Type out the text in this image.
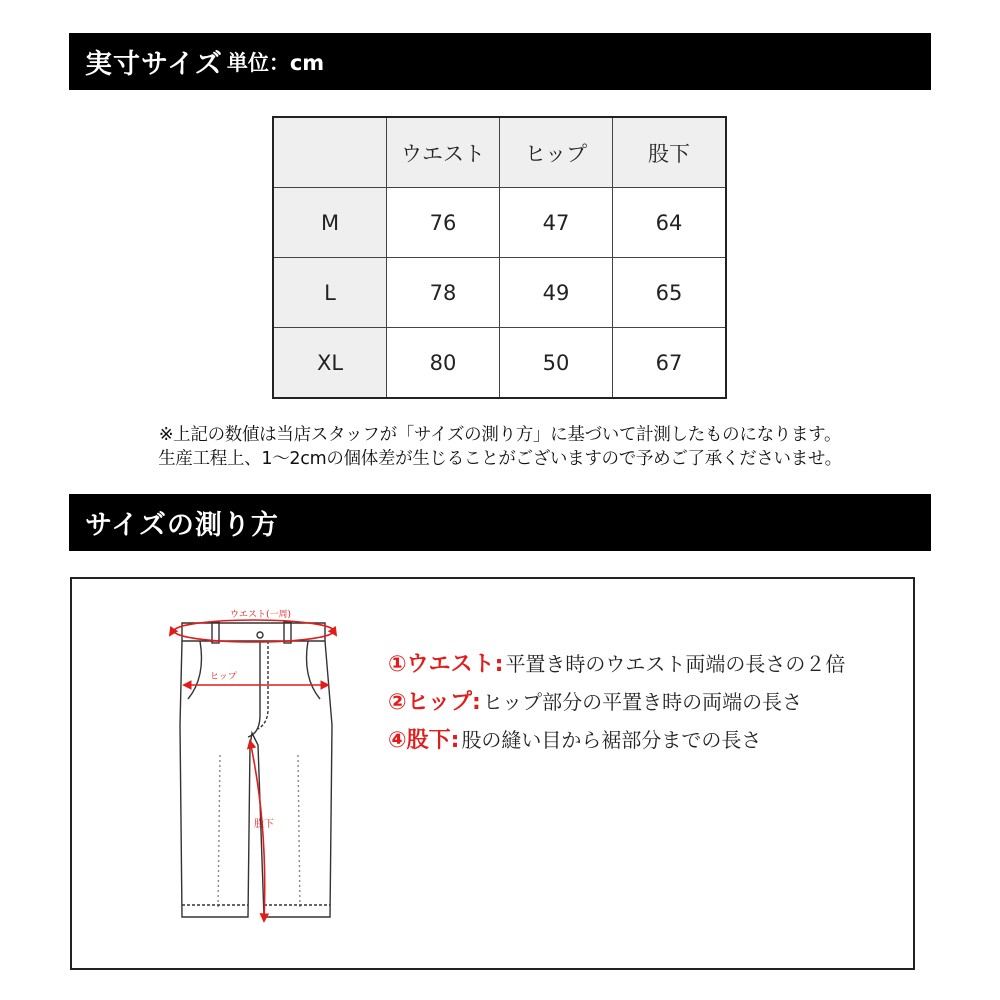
実寸サイズ 単位：cm
	ウエスト	ヒップ	股下
M	76	47	64
L	78	49	65
XL	80	50	67
※上記の数値は当店スタッフが「サイズの測り方」に基づいて計測したものになります。
生産工程上、1〜2cmの個体差が生じることがございますので予めご了承くださいませ。
サイズの測り方
ウエスト(一周)
ヒップ
股下
①ウエスト: 平置き時のウエスト両端の長さの２倍
②ヒップ: ヒップ部分の平置き時の両端の長さ
④股下: 股の縫い目から裾部分までの長さ
